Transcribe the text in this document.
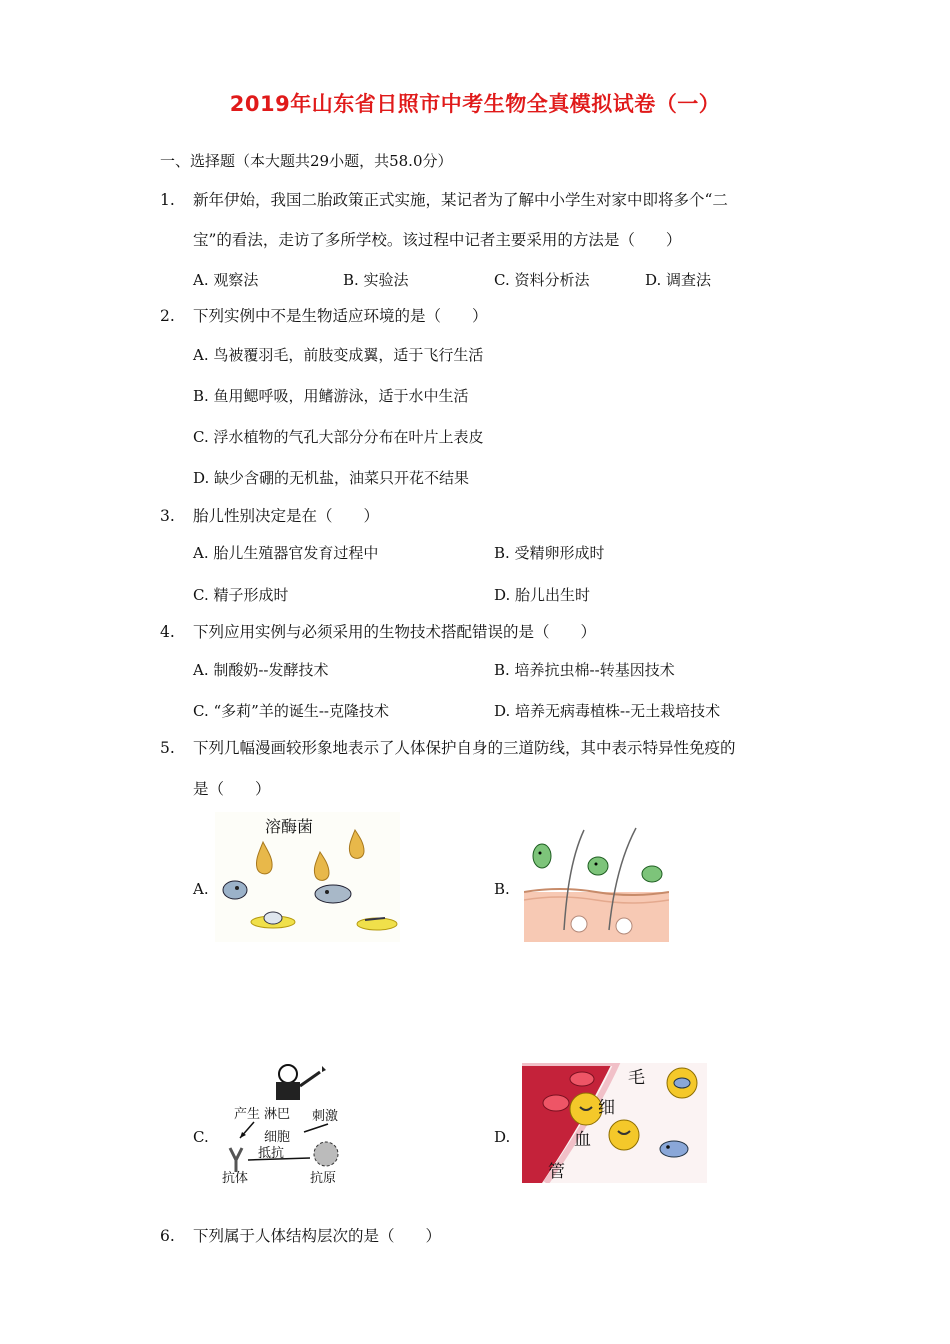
2019年山东省日照市中考生物全真模拟试卷（一）
一、选择题（本大题共29小题，共58.0分）
1.	新年伊始，我国二胎政策正式实施，某记者为了解中小学生对家中即将多个“二
宝”的看法，走访了多所学校。该过程中记者主要采用的方法是（　　）
A. 观察法	B. 实验法	C. 资料分析法	D. 调查法
2.	下列实例中不是生物适应环境的是（　　）
A. 鸟被覆羽毛，前肢变成翼，适于飞行生活
B. 鱼用鳃呼吸，用鳍游泳，适于水中生活
C. 浮水植物的气孔大部分分布在叶片上表皮
D. 缺少含硼的无机盐，油菜只开花不结果
3.	胎儿性别决定是在（　　）
A. 胎儿生殖器官发育过程中	B. 受精卵形成时
C. 精子形成时	D. 胎儿出生时
4.	下列应用实例与必须采用的生物技术搭配错误的是（　　）
A. 制酸奶--发酵技术	B. 培养抗虫棉--转基因技术
C. “多莉”羊的诞生--克隆技术	D. 培养无病毒植株--无土栽培技术
5.	下列几幅漫画较形象地表示了人体保护自身的三道防线，其中表示特异性免疫的
是（　　）
A.	B.
C.	D.
溶酶菌
产生 淋巴 刺激
细胞
抵抗
抗体	抗原
毛
细
血
管
6.	下列属于人体结构层次的是（　　）
